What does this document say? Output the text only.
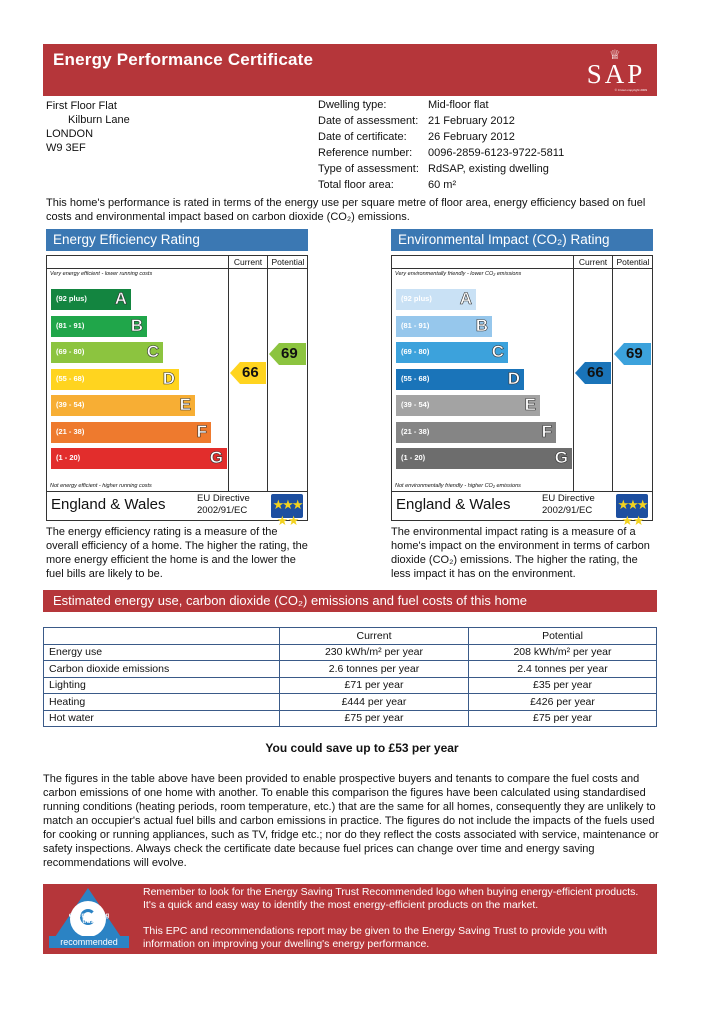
Energy Performance Certificate	♕
SAP
© Crown copyright 2009
First Floor Flat
Kilburn Lane
LONDON
W9 3EF
Dwelling type:	Mid-floor flat
Date of assessment: 21 February 2012
Date of certificate:	26 February 2012
Reference number:	0096-2859-6123-9722-5811
Type of assessment: RdSAP, existing dwelling
Total floor area:	60 m²
This home's performance is rated in terms of the energy use per square metre of floor area, energy efficiency based on fuel costs and environmental impact based on carbon dioxide (CO₂) emissions.
Energy Efficiency Rating
Current	Potential
Very energy efficient - lower running costs
Not energy efficient - higher running costs
England & Wales	EU Directive
2002/91/EC ★★★
★ ★
(92 plus) A
(81 - 91)	B
(69 - 80)	C
(55 - 68)	D
(39 - 54)	E
(21 - 38)	F
(1 - 20)	G
66
69
The energy efficiency rating is a measure of the overall efficiency of a home. The higher the rating, the more energy efficient the home is and the lower the fuel bills are likely to be.
Environmental Impact (CO₂) Rating
Current	Potential
Very environmentally friendly - lower CO₂ emissions
Not environmentally friendly - higher CO₂ emissions
England & Wales	EU Directive
2002/91/EC ★★★
★ ★
(92 plus) A
(81 - 91)	B
(69 - 80)	C
(55 - 68)	D
(39 - 54)	E
(21 - 38)	F
(1 - 20)	G
66
69
The environmental impact rating is a measure of a home's impact on the environment in terms of carbon dioxide (CO₂) emissions. The higher the rating, the less impact it has on the environment.
Estimated energy use, carbon dioxide (CO₂) emissions and fuel costs of this home
	Current	Potential
Energy use	230 kWh/m² per year	208 kWh/m² per year
Carbon dioxide emissions	2.6 tonnes per year	2.4 tonnes per year
Lighting	£71 per year	£35 per year
Heating	£444 per year	£426 per year
Hot water	£75 per year	£75 per year
You could save up to £53 per year
The figures in the table above have been provided to enable prospective buyers and tenants to compare the fuel costs and carbon emissions of one home with another. To enable this comparison the figures have been calculated using standardised running conditions (heating periods, room temperature, etc.) that are the same for all homes, consequently they are unlikely to match an occupier's actual fuel bills and carbon emissions in practice. The figures do not include the impacts of the fuels used for cooking or running appliances, such as TV, fridge etc.; nor do they reflect the costs associated with service, maintenance or safety inspections. Always check the certificate date because fuel prices can change over time and energy saving recommendations will evolve.
energy saving trust
recommended
Remember to look for the Energy Saving Trust Recommended logo when buying energy-efficient products. It's a quick and easy way to identify the most energy-efficient products on the market.
This EPC and recommendations report may be given to the Energy Saving Trust to provide you with information on improving your dwelling's energy performance.
